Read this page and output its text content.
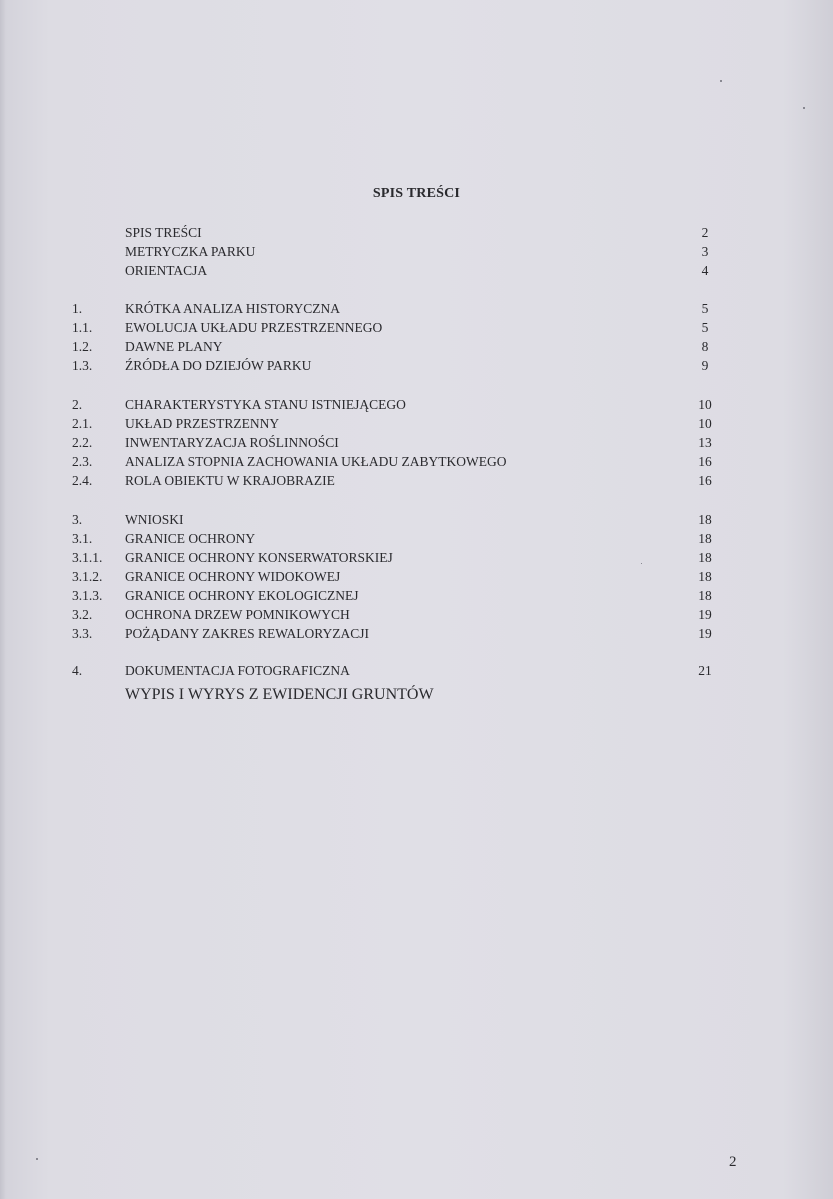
SPIS TREŚCI
SPIS TREŚCI	2
METRYCZKA PARKU	3
ORIENTACJA	4
1.	KRÓTKA ANALIZA HISTORYCZNA	5
1.1. EWOLUCJA UKŁADU PRZESTRZENNEGO	5
1.2. DAWNE PLANY	8
1.3. ŹRÓDŁA DO DZIEJÓW PARKU	9
2.	CHARAKTERYSTYKA STANU ISTNIEJĄCEGO	10
2.1. UKŁAD PRZESTRZENNY	10
2.2. INWENTARYZACJA ROŚLINNOŚCI	13
2.3. ANALIZA STOPNIA ZACHOWANIA UKŁADU ZABYTKOWEGO	16
2.4. ROLA OBIEKTU W KRAJOBRAZIE	16
3.	WNIOSKI	18
3.1. GRANICE OCHRONY	18
3.1.1. GRANICE OCHRONY KONSERWATORSKIEJ	18
3.1.2. GRANICE OCHRONY WIDOKOWEJ	18
3.1.3. GRANICE OCHRONY EKOLOGICZNEJ	18
3.2. OCHRONA DRZEW POMNIKOWYCH	19
3.3. POŻĄDANY ZAKRES REWALORYZACJI	19
4.	DOKUMENTACJA FOTOGRAFICZNA	21
WYPIS I WYRYS Z EWIDENCJI GRUNTÓW
2
